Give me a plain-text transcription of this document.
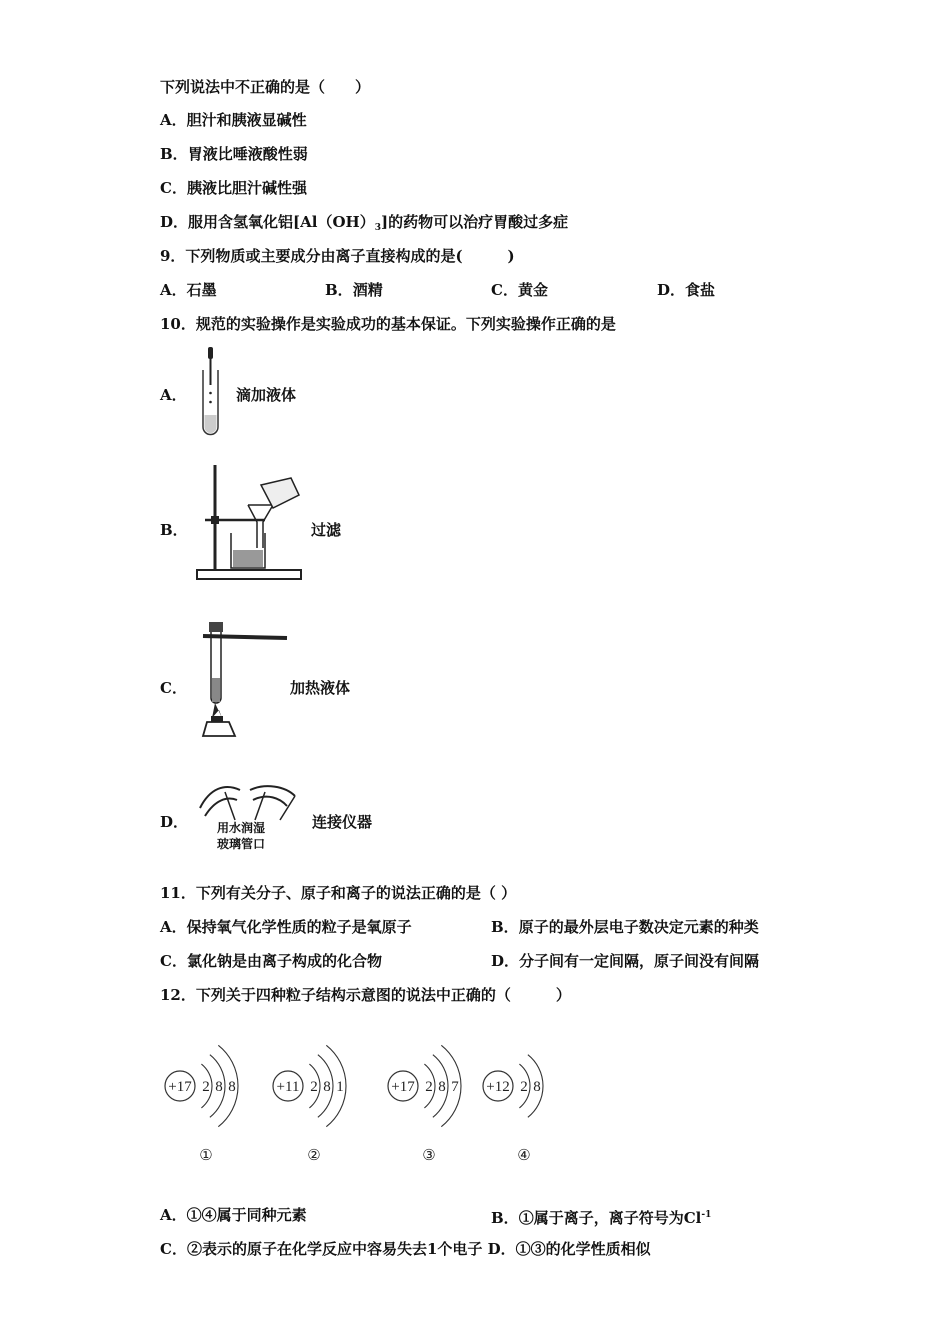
下列说法中不正确的是（　　）
A．胆汁和胰液显碱性
B．胃液比唾液酸性弱
C．胰液比胆汁碱性强
D．服用含氢氧化铝$[Al(OH)_3]$的药物可以治疗胃酸过多症
9．下列物质或主要成分由离子直接构成的是(　　　)
A．石墨	B．酒精	C．黄金	D．食盐
10．规范的实验操作是实验成功的基本保证。下列实验操作正确的是
A．	滴加液体
B．	过滤
C．	加热液体
D． 用水润湿
玻璃管口
连接仪器
11．下列有关分子、原子和离子的说法正确的是（ ）
A．保持氧气化学性质的粒子是氧原子	B．原子的最外层电子数决定元素的种类
C．氯化钠是由离子构成的化合物	D．分子间有一定间隔，原子间没有间隔
12．下列关于四种粒子结构示意图的说法中正确的（　　　）
+17 2 8 8
①
+11 2 8 1
②
+17 2 8 7
③
+12 2 8
④
A．①④属于同种元素	B．①属于离子，离子符号为$Cl^{-1}$
C．②表示的原子在化学反应中容易失去1个电子 D．①③的化学性质相似
